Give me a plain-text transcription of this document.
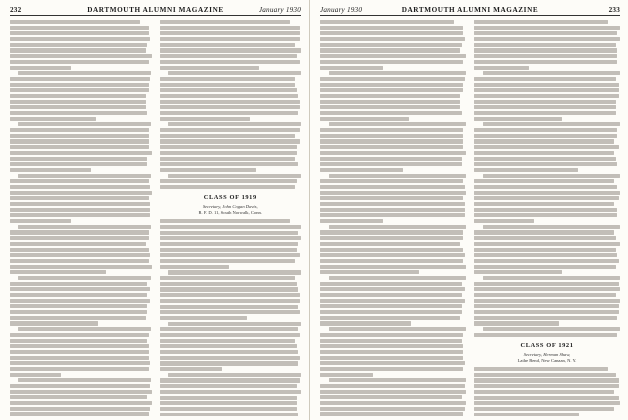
232	DARTMOUTH ALUMNI MAGAZINE	January 1930
CLASS OF 1919
Secretary, John Cogan Davis,
R. F. D. 11, South Norwalk, Conn.
January 1930	DARTMOUTH ALUMNI MAGAZINE	233
CLASS OF 1921
Secretary, Herman Shaw,
Lathe Bend, New Canaan, N. Y.
